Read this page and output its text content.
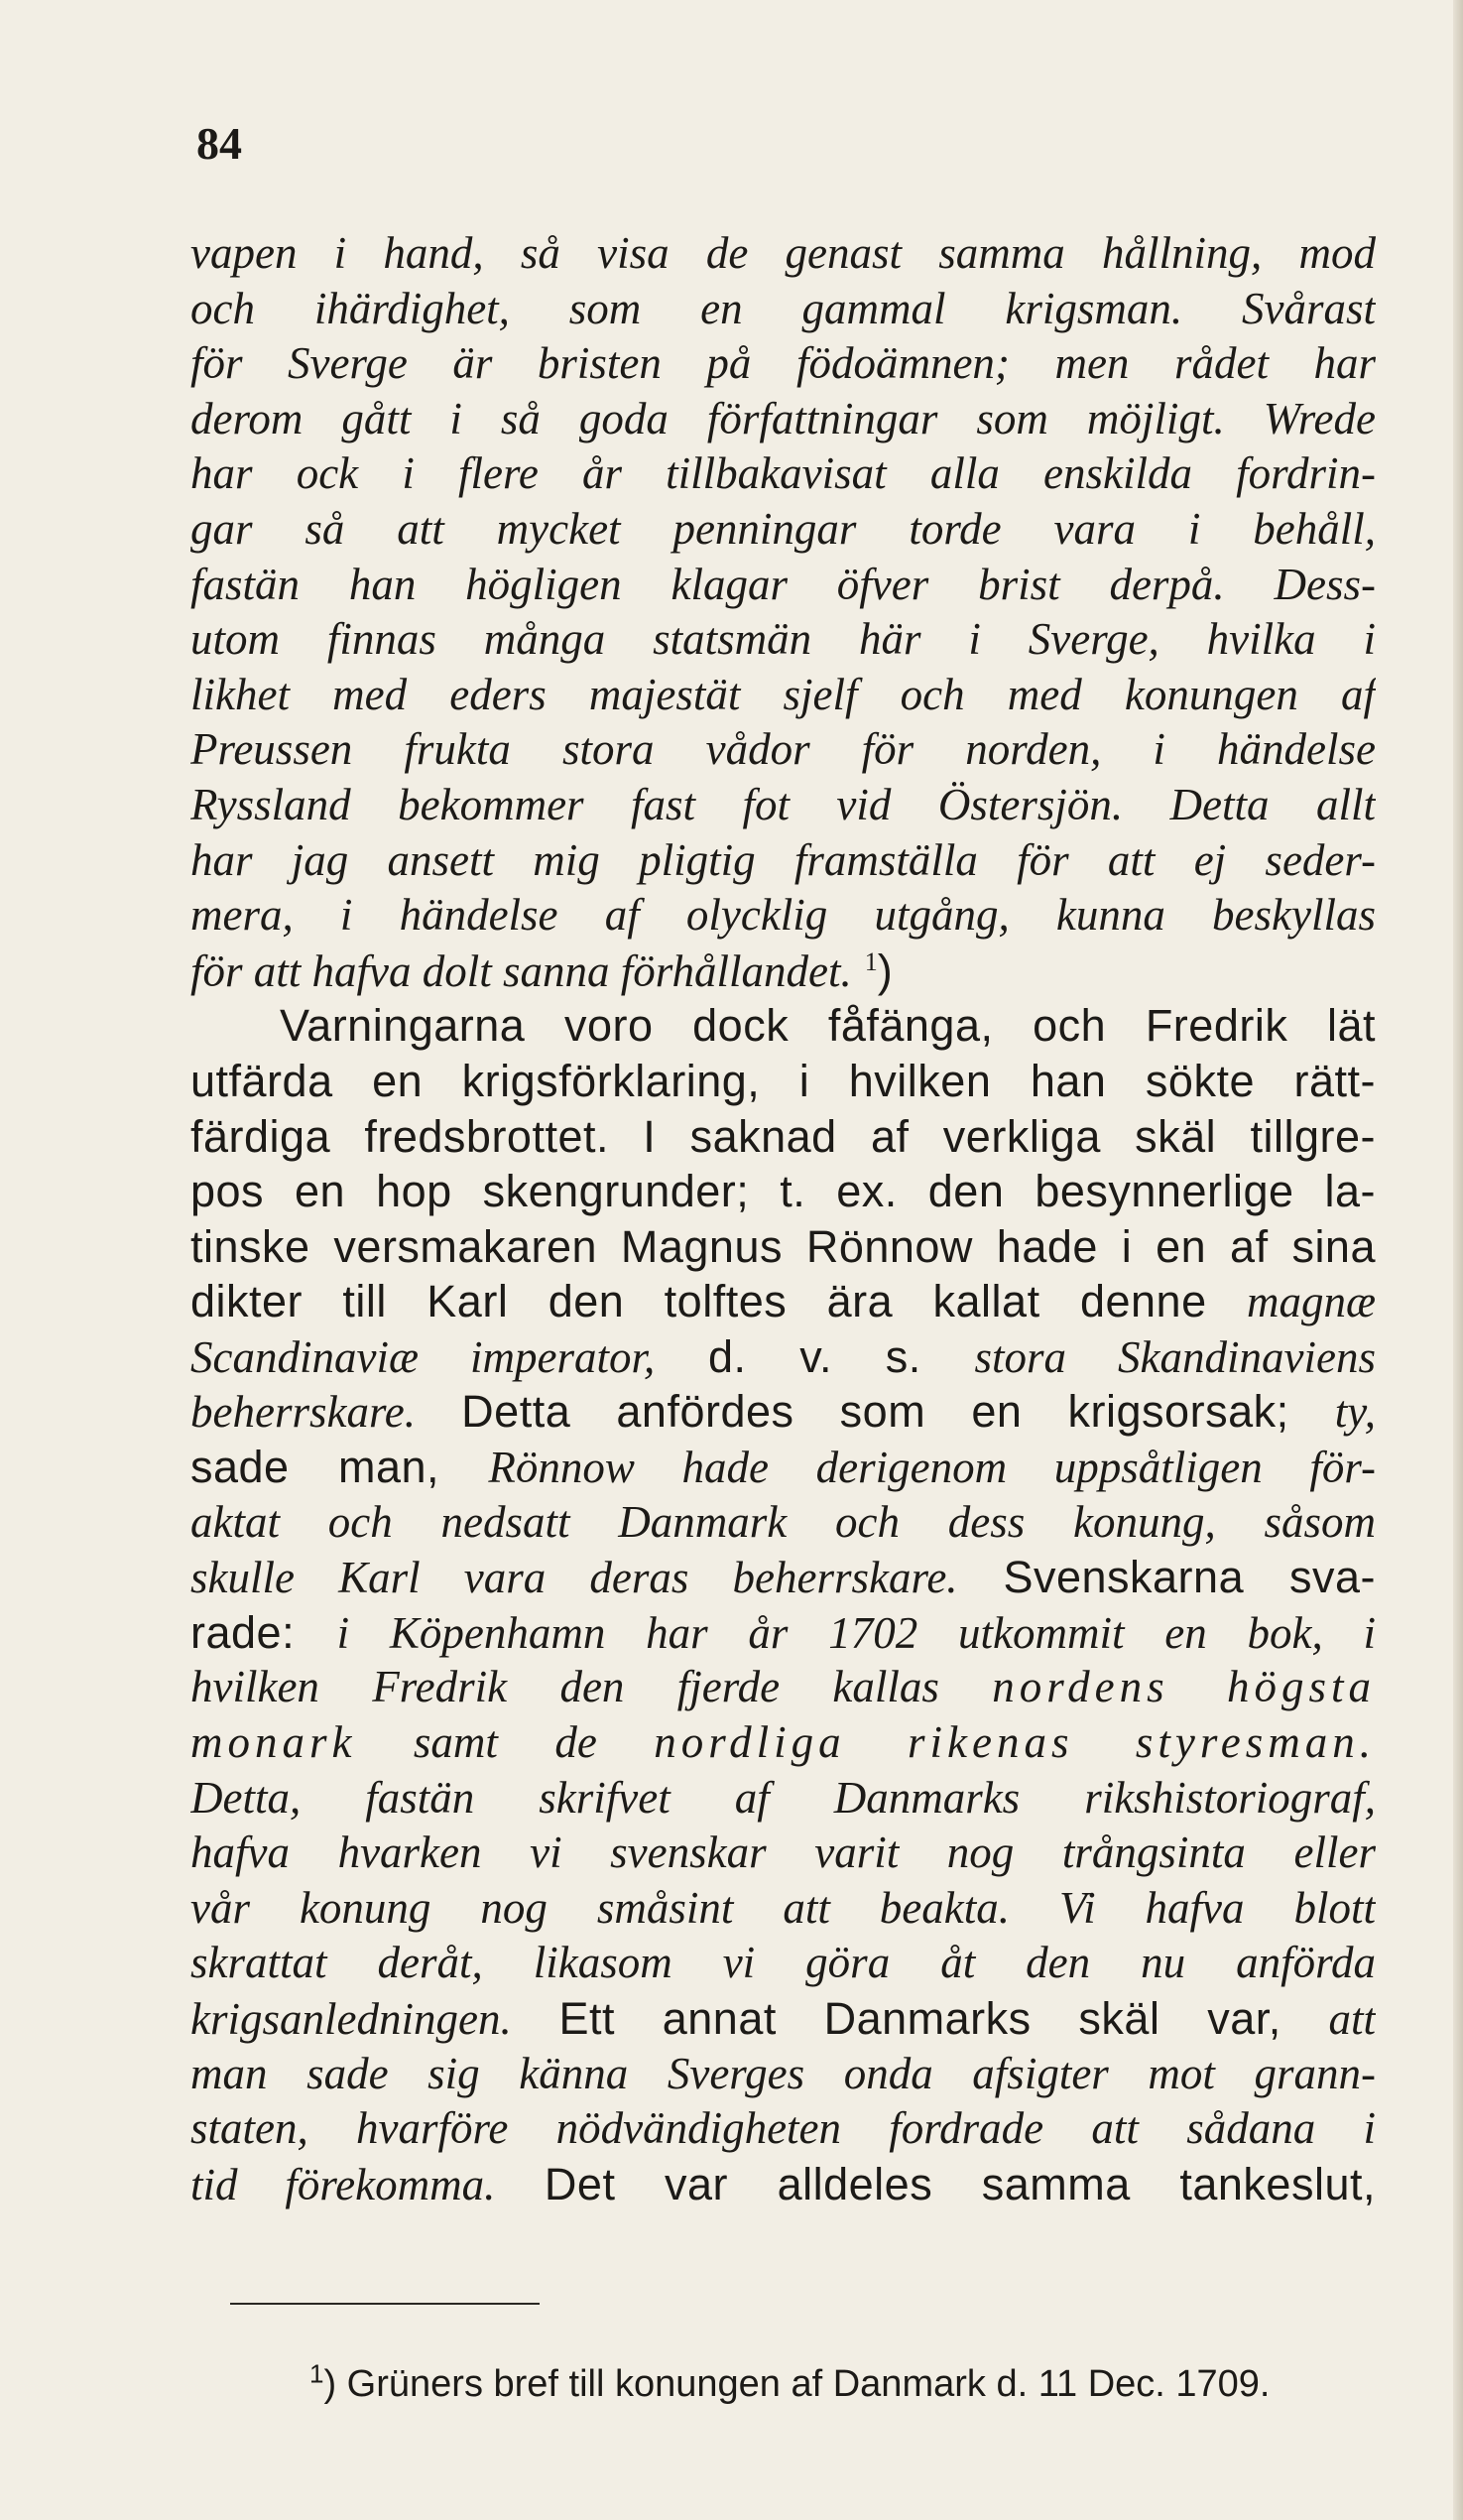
84
vapen i hand, så visa de genast samma hållning, mod
och ihärdighet, som en gammal krigsman. Svårast
för Sverge är bristen på födoämnen; men rådet har
derom gått i så goda författningar som möjligt. Wrede
har ock i flere år tillbakavisat alla enskilda fordrin-
gar så att mycket penningar torde vara i behåll,
fastän han högligen klagar öfver brist derpå. Dess-
utom finnas många statsmän här i Sverge, hvilka i
likhet med eders majestät sjelf och med konungen af
Preussen frukta stora vådor för norden, i händelse
Ryssland bekommer fast fot vid Östersjön. Detta allt
har jag ansett mig pligtig framställa för att ej seder-
mera, i händelse af olycklig utgång, kunna beskyllas
för att hafva dolt sanna förhållandet. $^1$)
Varningarna voro dock fåfänga, och Fredrik lät
utfärda en krigsförklaring, i hvilken han sökte rätt-
färdiga fredsbrottet. I saknad af verkliga skäl tillgre-
pos en hop skengrunder; t. ex. den besynnerlige la-
tinske versmakaren Magnus Rönnow hade i en af sina
dikter till Karl den tolftes ära kallat denne magnæ
Scandinaviæ imperator, d. v. s. stora Skandinaviens
beherrskare. Detta anfördes som en krigsorsak; ty,
sade man, Rönnow hade derigenom uppsåtligen för-
aktat och nedsatt Danmark och dess konung, såsom
skulle Karl vara deras beherrskare. Svenskarna sva-
rade: i Köpenhamn har år 1702 utkommit en bok, i
hvilken Fredrik den fjerde kallas nordens högsta
monark samt de nordliga rikenas styresman.
Detta, fastän skrifvet af Danmarks rikshistoriograf,
hafva hvarken vi svenskar varit nog trångsinta eller
vår konung nog småsint att beakta. Vi hafva blott
skrattat deråt, likasom vi göra åt den nu anförda
krigsanledningen. Ett annat Danmarks skäl var, att
man sade sig känna Sverges onda afsigter mot grann-
staten, hvarföre nödvändigheten fordrade att sådana i
tid förekomma. Det var alldeles samma tankeslut,
$^1$) Grüners bref till konungen af Danmark d. 11 Dec. 1709.
